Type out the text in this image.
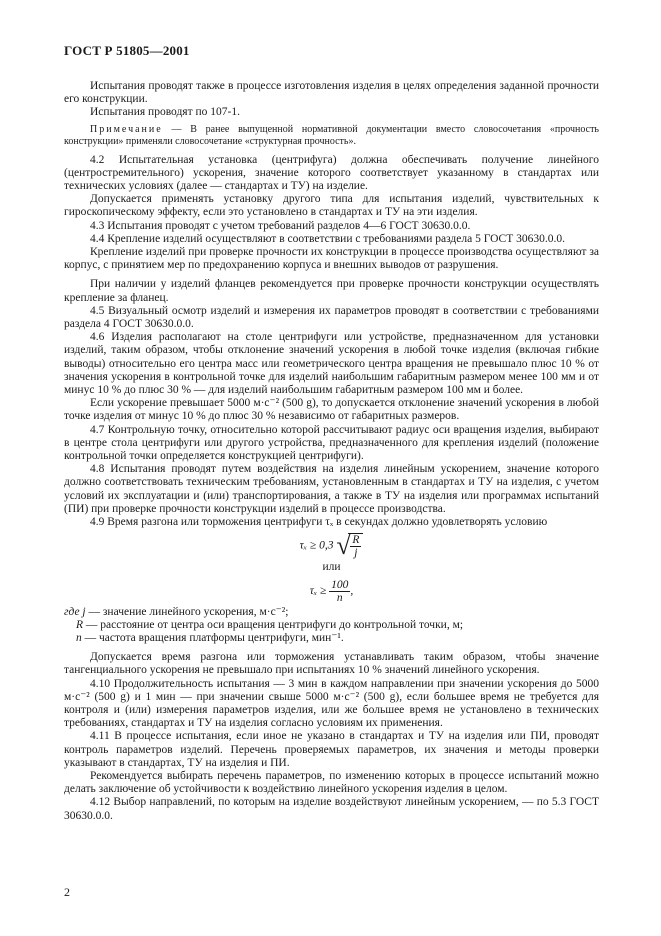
ГОСТ Р 51805—2001

Испытания проводят также в процессе изготовления изделия в целях определения заданной прочности его конструкции.

Испытания проводят по 107-1.

Примечание — В ранее выпущенной нормативной документации вместо словосочетания «прочность конструкции» применяли словосочетание «структурная прочность».

4.2 Испытательная установка (центрифуга) должна обеспечивать получение линейного (центростремительного) ускорения, значение которого соответствует указанному в стандартах или технических условиях (далее — стандартах и ТУ) на изделие.

Допускается применять установку другого типа для испытания изделий, чувствительных к гироскопическому эффекту, если это установлено в стандартах и ТУ на эти изделия.

4.3 Испытания проводят с учетом требований разделов 4—6 ГОСТ 30630.0.0.

4.4 Крепление изделий осуществляют в соответствии с требованиями раздела 5 ГОСТ 30630.0.0.

Крепление изделий при проверке прочности их конструкции в процессе производства осуществляют за корпус, с принятием мер по предохранению корпуса и внешних выводов от разрушения.

При наличии у изделий фланцев рекомендуется при проверке прочности конструкции осуществлять крепление за фланец.

4.5 Визуальный осмотр изделий и измерения их параметров проводят в соответствии с требованиями раздела 4 ГОСТ 30630.0.0.

4.6 Изделия располагают на столе центрифуги или устройстве, предназначенном для установки изделий, таким образом, чтобы отклонение значений ускорения в любой точке изделия (включая гибкие выводы) относительно его центра масс или геометрического центра вращения не превышало плюс 10 % от значения ускорения в контрольной точке для изделий наибольшим габаритным размером менее 100 мм и от минус 10 % до плюс 30 % — для изделий наибольшим габаритным размером 100 мм и более.

Если ускорение превышает 5000 м·с⁻² (500 g), то допускается отклонение значений ускорения в любой точке изделия от минус 10 % до плюс 30 % независимо от габаритных размеров.

4.7 Контрольную точку, относительно которой рассчитывают радиус оси вращения изделия, выбирают в центре стола центрифуги или другого устройства, предназначенного для крепления изделий (положение контрольной точки определяется конструкцией центрифуги).

4.8 Испытания проводят путем воздействия на изделия линейным ускорением, значение которого должно соответствовать техническим требованиям, установленным в стандартах и ТУ на изделия, с учетом условий их эксплуатации и (или) транспортирования, а также в ТУ на изделия или программах испытаний (ПИ) при проверке прочности конструкции изделий в процессе производства.

4.9 Время разгона или торможения центрифуги τₓ в секундах должно удовлетворять условию

τₓ ≥ 0,3 √ $\frac{R}{j}$
или
$\tau_x \ge \frac{100}{n}$ ,

где j — значение линейного ускорения, м·с⁻²;

R — расстояние от центра оси вращения центрифуги до контрольной точки, м;

n — частота вращения платформы центрифуги, мин⁻¹.

Допускается время разгона или торможения устанавливать таким образом, чтобы значение тангенциального ускорения не превышало при испытаниях 10 % значений линейного ускорения.

4.10 Продолжительность испытания — 3 мин в каждом направлении при значении ускорения до 5000 м·с⁻² (500 g) и 1 мин — при значении свыше 5000 м·с⁻² (500 g), если большее время не требуется для контроля и (или) измерения параметров изделия, или же большее время не установлено в технических требованиях, стандартах и ТУ на изделия согласно условиям их применения.

4.11 В процессе испытания, если иное не указано в стандартах и ТУ на изделия или ПИ, проводят контроль параметров изделий. Перечень проверяемых параметров, их значения и методы проверки указывают в стандартах, ТУ на изделия и ПИ.

Рекомендуется выбирать перечень параметров, по изменению которых в процессе испытаний можно делать заключение об устойчивости к воздействию линейного ускорения изделия в целом.

4.12 Выбор направлений, по которым на изделие воздействуют линейным ускорением, — по 5.3 ГОСТ 30630.0.0.

2
